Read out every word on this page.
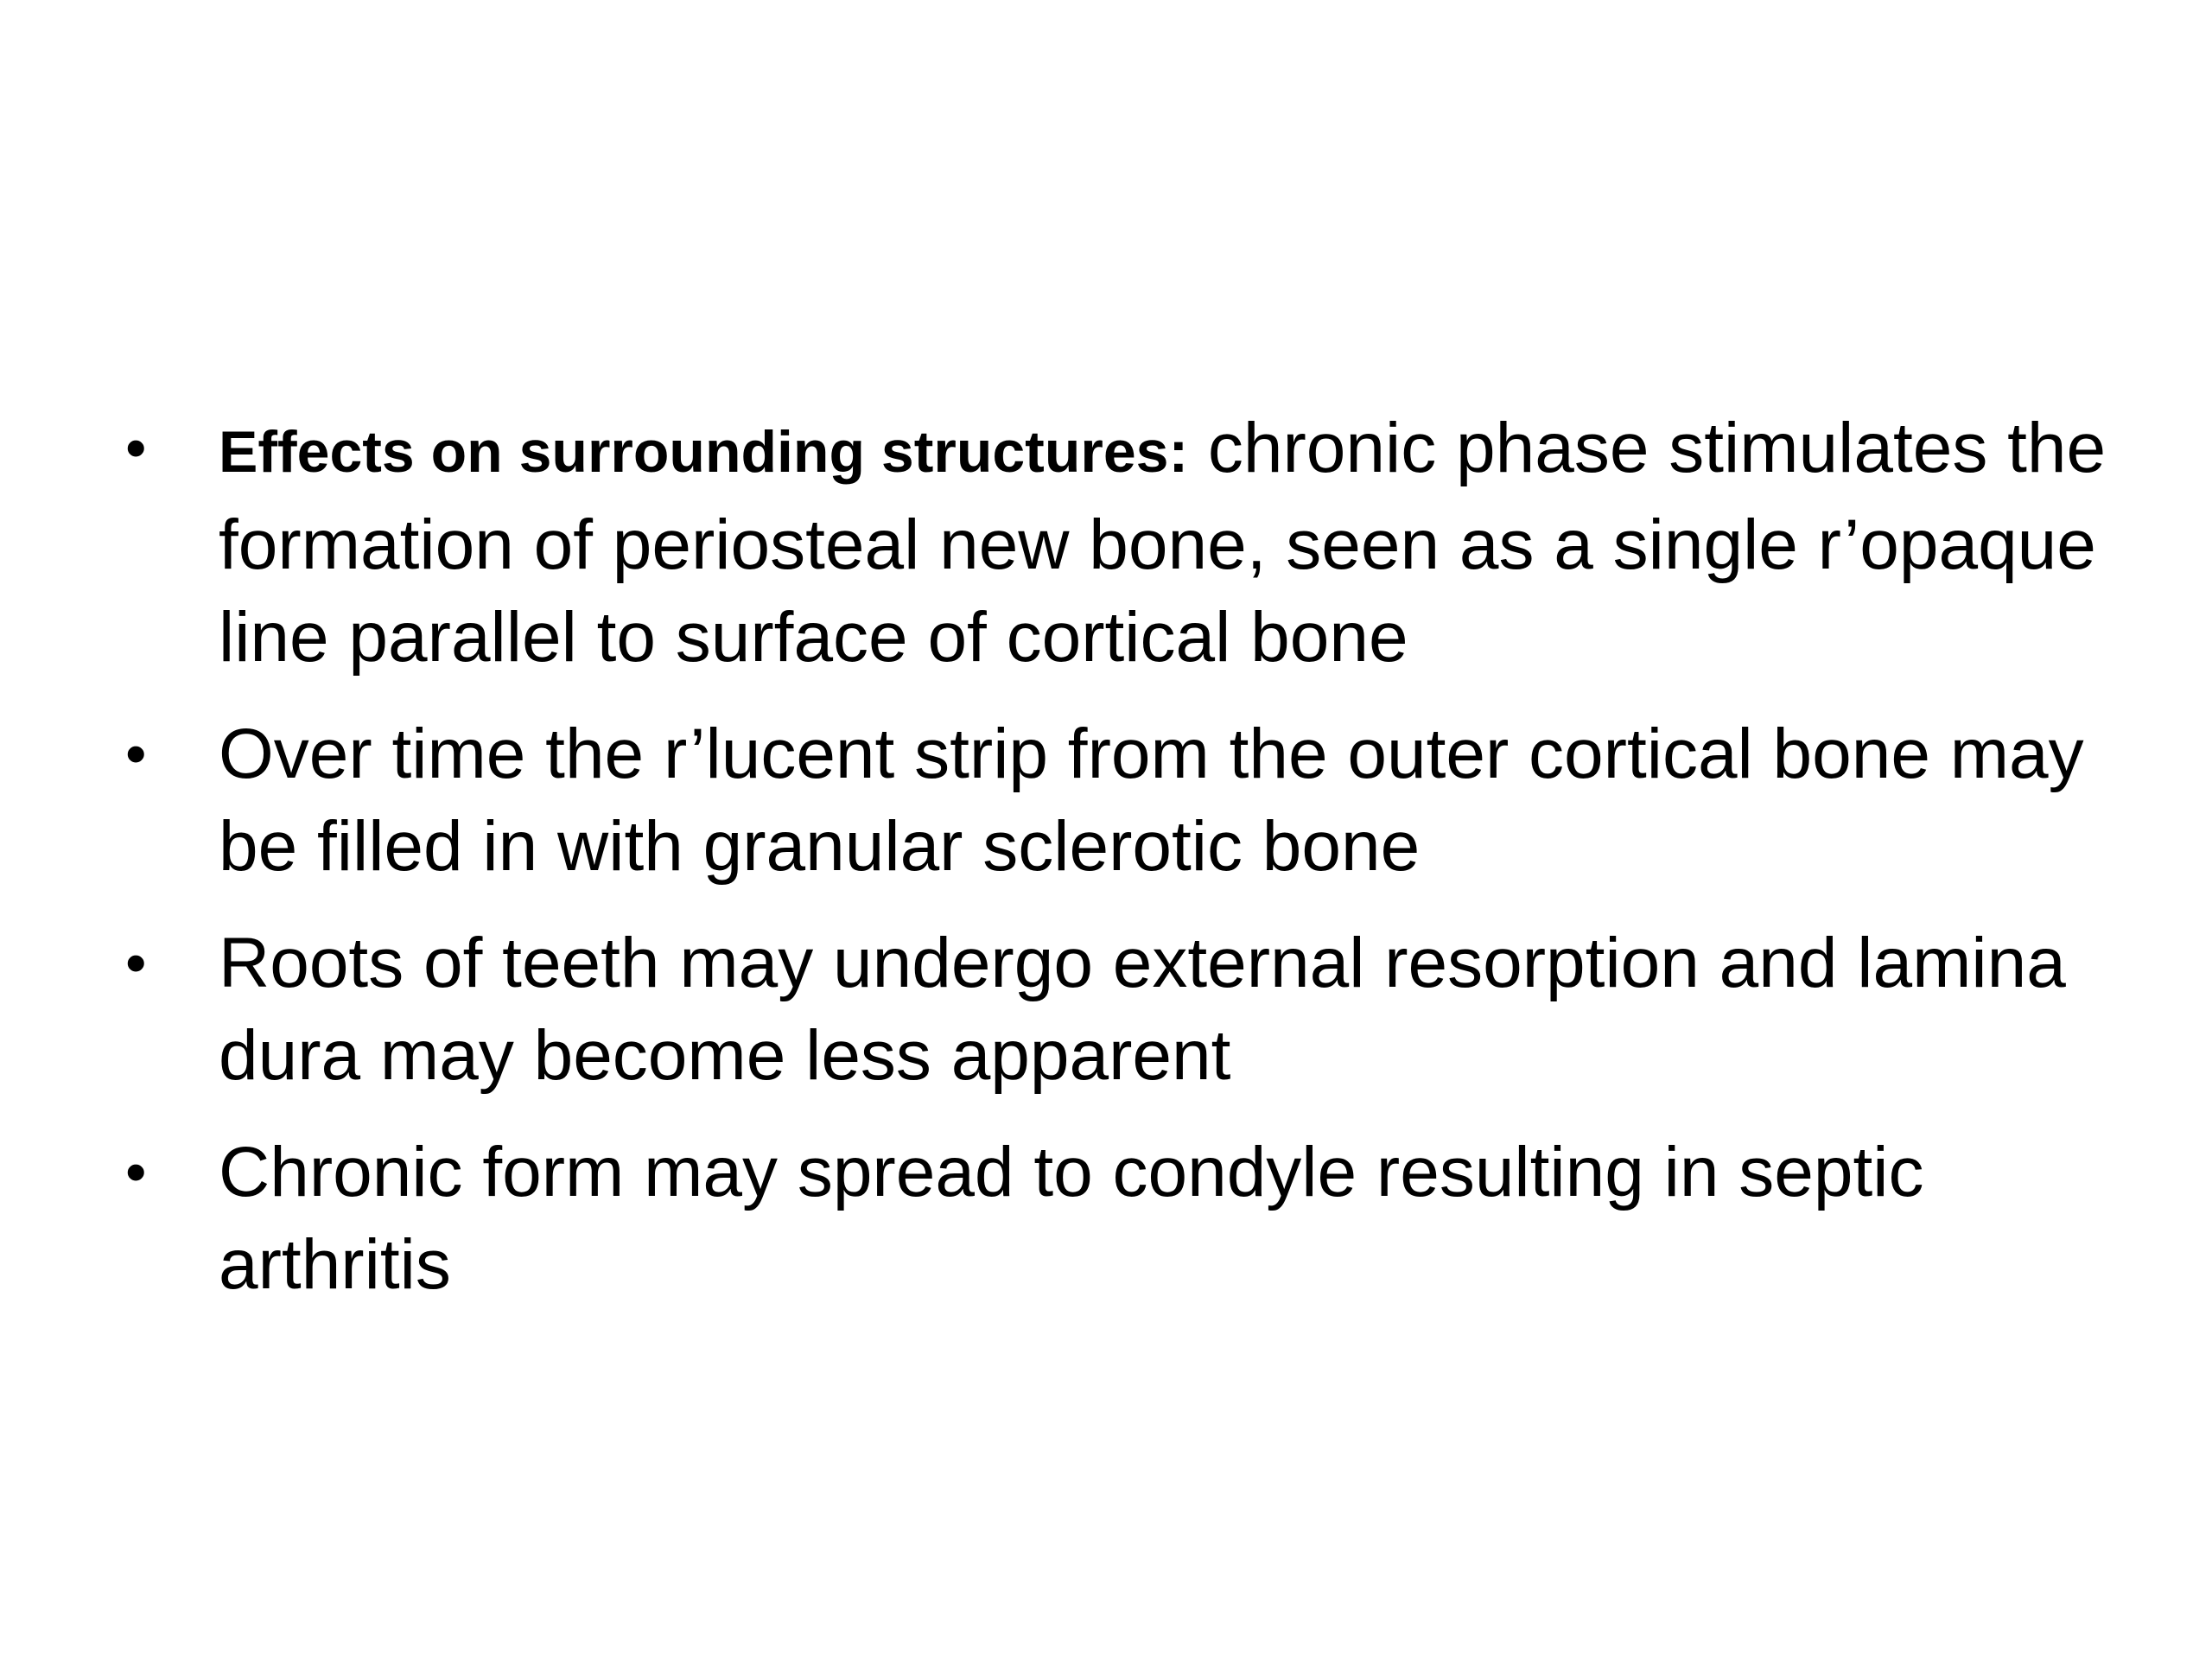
• Effects on surrounding structures: chronic phase stimulates the formation of periosteal new bone, seen as a single r’opaque line parallel to surface of cortical bone
• Over time the r’lucent strip from the outer cortical bone may be filled in with granular sclerotic bone
• Roots of teeth may undergo external resorption and lamina dura may become less apparent
• Chronic form may spread to condyle resulting in septic arthritis
